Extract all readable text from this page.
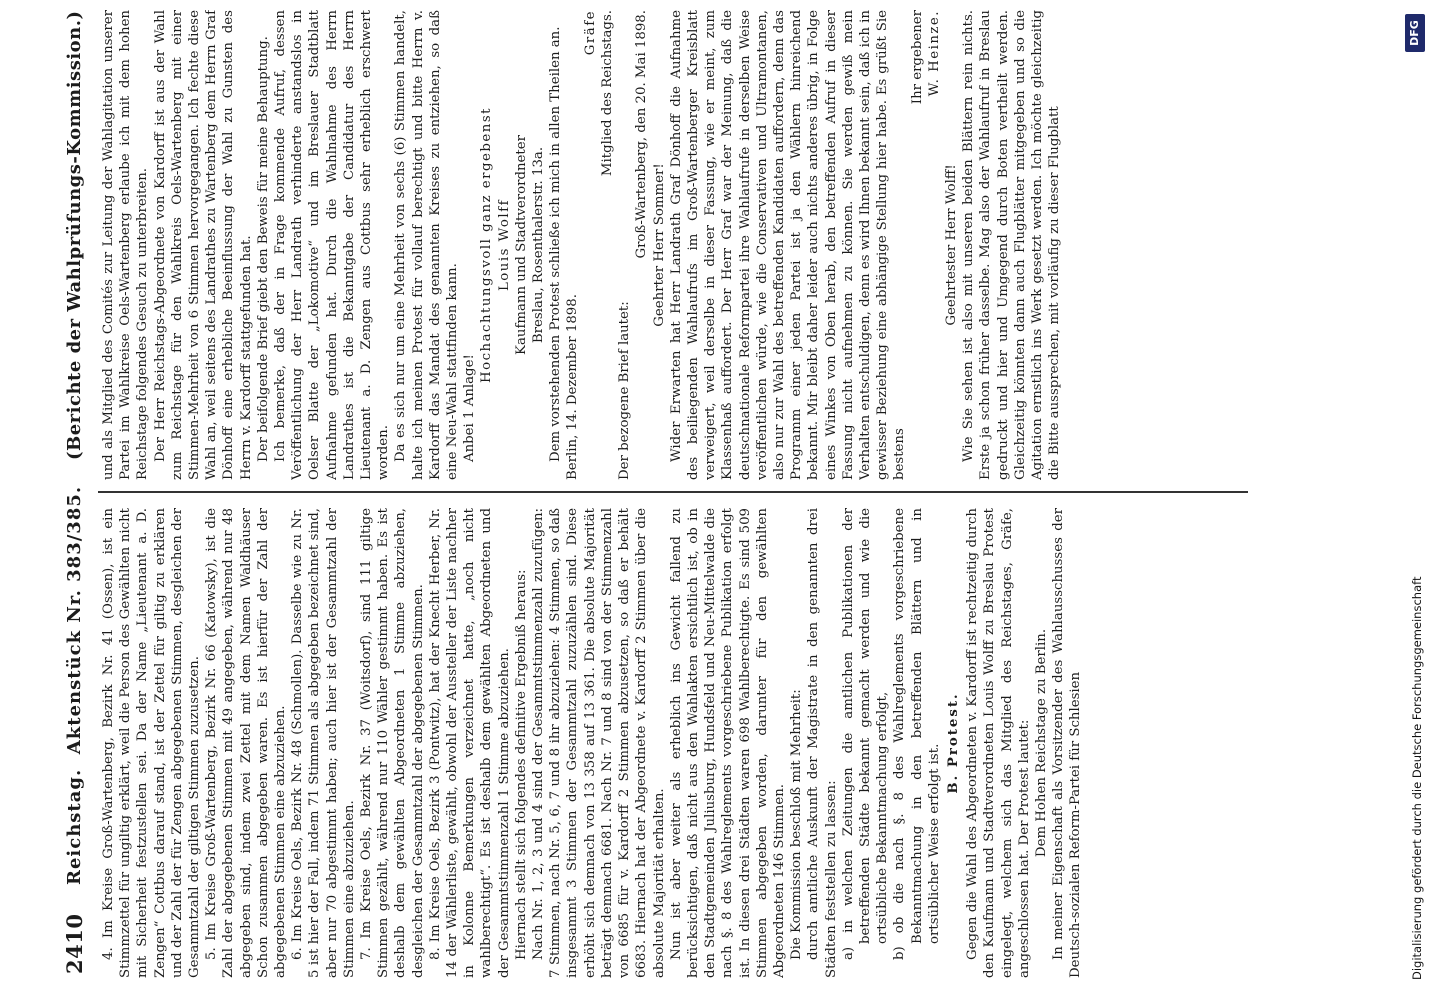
2410
Reichstag.  Aktenstück Nr. 383/385.
(Berichte der Wahlprüfungs-Kommission.)

4. Im Kreise Groß-Wartenberg, Bezirk Nr. 41 (Ossen), ist ein Stimmzettel für ungiltig erklärt, weil die Person des Gewählten nicht mit Sicherheit festzustellen sei. Da der Name „Lieutenant a. D. Zengen“ Cottbus darauf stand, ist der Zettel für giltig zu erklären und der Zahl der für Zengen abgegebenen Stimmen, desgleichen der Gesammtzahl der giltigen Stimmen zuzusetzen. 5. Im Kreise Groß-Wartenberg, Bezirk Nr. 66 (Katowsky), ist die Zahl der abgegebenen Stimmen mit 49 angegeben, während nur 48 abgegeben sind, indem zwei Zettel mit dem Namen Waldhäuser Schon zusammen abgegeben waren. Es ist hierfür der Zahl der abgegebenen Stimmen eine abzuziehen. 6. Im Kreise Oels, Bezirk Nr. 48 (Schmollen). Dasselbe wie zu Nr. 5 ist hier der Fall, indem 71 Stimmen als abgegeben bezeichnet sind, aber nur 70 abgestimmt haben; auch hier ist der Gesammtzahl der Stimmen eine abzuziehen. 7. Im Kreise Oels, Bezirk Nr. 37 (Woitsdorf), sind 111 giltige Stimmen gezählt, während nur 110 Wähler gestimmt haben. Es ist deshalb dem gewählten Abgeordneten 1 Stimme abzuziehen, desgleichen der Gesammtzahl der abgegebenen Stimmen. 8. Im Kreise Oels, Bezirk 3 (Pontwitz), hat der Knecht Herber, Nr. 14 der Wählerliste, gewählt, obwohl der Aussteller der Liste nachher in Kolonne Bemerkungen verzeichnet hatte, „noch nicht wahlberechtigt“. Es ist deshalb dem gewählten Abgeordneten und der Gesammtstimmenzahl 1 Stimme abzuziehen. Hiernach stellt sich folgendes definitive Ergebniß heraus: Nach Nr. 1, 2, 3 und 4 sind der Gesammtstimmenzahl zuzufügen: 7 Stimmen, nach Nr. 5, 6, 7 und 8 ihr abzuziehen: 4 Stimmen, so daß insgesammt 3 Stimmen der Gesammtzahl zuzuzählen sind. Diese erhöht sich demnach von 13 358 auf 13 361. Die absolute Majorität beträgt demnach 6681. Nach Nr. 7 und 8 sind von der Stimmenzahl von 6685 für v. Kardorff 2 Stimmen abzusetzen, so daß er behält 6683. Hiernach hat der Abgeordnete v. Kardorff 2 Stimmen über die absolute Majorität erhalten. Nun ist aber weiter als erheblich ins Gewicht fallend zu berücksichtigen, daß nicht aus den Wahlakten ersichtlich ist, ob in den Stadtgemeinden Juliusburg, Hundsfeld und Neu-Mittelwalde die nach §. 8 des Wahlreglements vorgeschriebene Publikation erfolgt ist. In diesen drei Städten waren 698 Wahlberechtigte. Es sind 509 Stimmen abgegeben worden, darunter für den gewählten Abgeordneten 146 Stimmen. Die Kommission beschloß mit Mehrheit: durch amtliche Auskunft der Magistrate in den genannten drei Städten feststellen zu lassen: a) in welchen Zeitungen die amtlichen Publikationen der betreffenden Städte bekannt gemacht werden und wie die ortsübliche Bekanntmachung erfolgt, b) ob die nach §. 8 des Wahlreglements vorgeschriebene Bekanntmachung in den betreffenden Blättern und in ortsüblicher Weise erfolgt ist.

B. Protest. Gegen die Wahl des Abgeordneten v. Kardorff ist rechtzeitig durch den Kaufmann und Stadtverordneten Louis Wolff zu Breslau Protest eingelegt, welchem sich das Mitglied des Reichstages, Gräfe, angeschlossen hat. Der Protest lautet: Dem Hohen Reichstage zu Berlin. In meiner Eigenschaft als Vorsitzender des Wahlausschusses der Deutsch-sozialen Reform-Partei für Schlesien

und als Mitglied des Comités zur Leitung der Wahlagitation unserer Partei im Wahlkreise Oels-Wartenberg erlaube ich mit dem hohen Reichstage folgendes Gesuch zu unterbreiten. Der Herr Reichstags-Abgeordnete von Kardorff ist aus der Wahl zum Reichstage für den Wahlkreis Oels-Wartenberg mit einer Stimmen-Mehrheit von 6 Stimmen hervorgegangen. Ich fechte diese Wahl an, weil seitens des Landrathes zu Wartenberg dem Herrn Graf Dönhoff eine erhebliche Beeinflussung der Wahl zu Gunsten des Herrn v. Kardorff stattgefunden hat. Der beifolgende Brief giebt den Beweis für meine Behauptung. Ich bemerke, daß der in Frage kommende Aufruf, dessen Veröffentlichung der Herr Landrath verhinderte anstandslos in Oelser Blatte der „Lokomotive“ und im Breslauer Stadtblatt Aufnahme gefunden hat. Durch die Wahlnahme des Herrn Landrathes ist die Bekanntgabe der Candidatur des Herrn Lieutenant a. D. Zengen aus Cottbus sehr erheblich erschwert worden. Da es sich nur um eine Mehrheit von sechs (6) Stimmen handelt, halte ich meinen Protest für vollauf berechtigt und bitte Herrn v. Kardorff das Mandat des genannten Kreises zu entziehen, so daß eine Neu-Wahl stattfinden kann. Anbei 1 Anlage!

Hochachtungsvoll ganz ergebenst Louis Wolff Kaufmann und Stadtverordneter Breslau, Rosenthalerstr. 13a. Dem vorstehenden Protest schließe ich mich in allen Theilen an. Berlin, 14. Dezember 1898.

Gräfe Mitglied des Reichstags.

Der bezogene Brief lautet:

Groß-Wartenberg, den 20. Mai 1898. Geehrter Herr Sommer! Wider Erwarten hat Herr Landrath Graf Dönhoff die Aufnahme des beiliegenden Wahlaufrufs im Groß-Wartenberger Kreisblatt verweigert, weil derselbe in dieser Fassung, wie er meint, zum Klassenhaß auffordert. Der Herr Graf war der Meinung, daß die deutschnationale Reformpartei ihre Wahlaufrufe in derselben Weise veröffentlichen würde, wie die Conservativen und Ultramontanen, also nur zur Wahl des betreffenden Kandidaten auffordern, denn das Programm einer jeden Partei ist ja den Wählern hinreichend bekannt. Mir bleibt daher leider auch nichts anderes übrig, in Folge eines Winkes von Oben herab, den betreffenden Aufruf in dieser Fassung nicht aufnehmen zu können. Sie werden gewiß mein Verhalten entschuldigen, denn es wird Ihnen bekannt sein, daß ich in gewisser Beziehung eine abhängige Stellung hier habe. Es grüßt Sie bestens

Ihr ergebener W. Heinze.

Geehrtester Herr Wolff! Wie Sie sehen ist also mit unseren beiden Blättern rein nichts. Erste ja schon früher dasselbe. Mag also der Wahlaufruf in Breslau gedruckt und hier und Umgegend durch Boten vertheilt werden. Gleichzeitig könnten dann auch Flugblätter mitgegeben und so die Agitation ernstlich ins Werk gesetzt werden. Ich möchte gleichzeitig die Bitte aussprechen, mit vorläufig zu dieser Flugblatt

Digitalisierung gefördert durch die Deutsche Forschungsgemeinschaft
DFG
